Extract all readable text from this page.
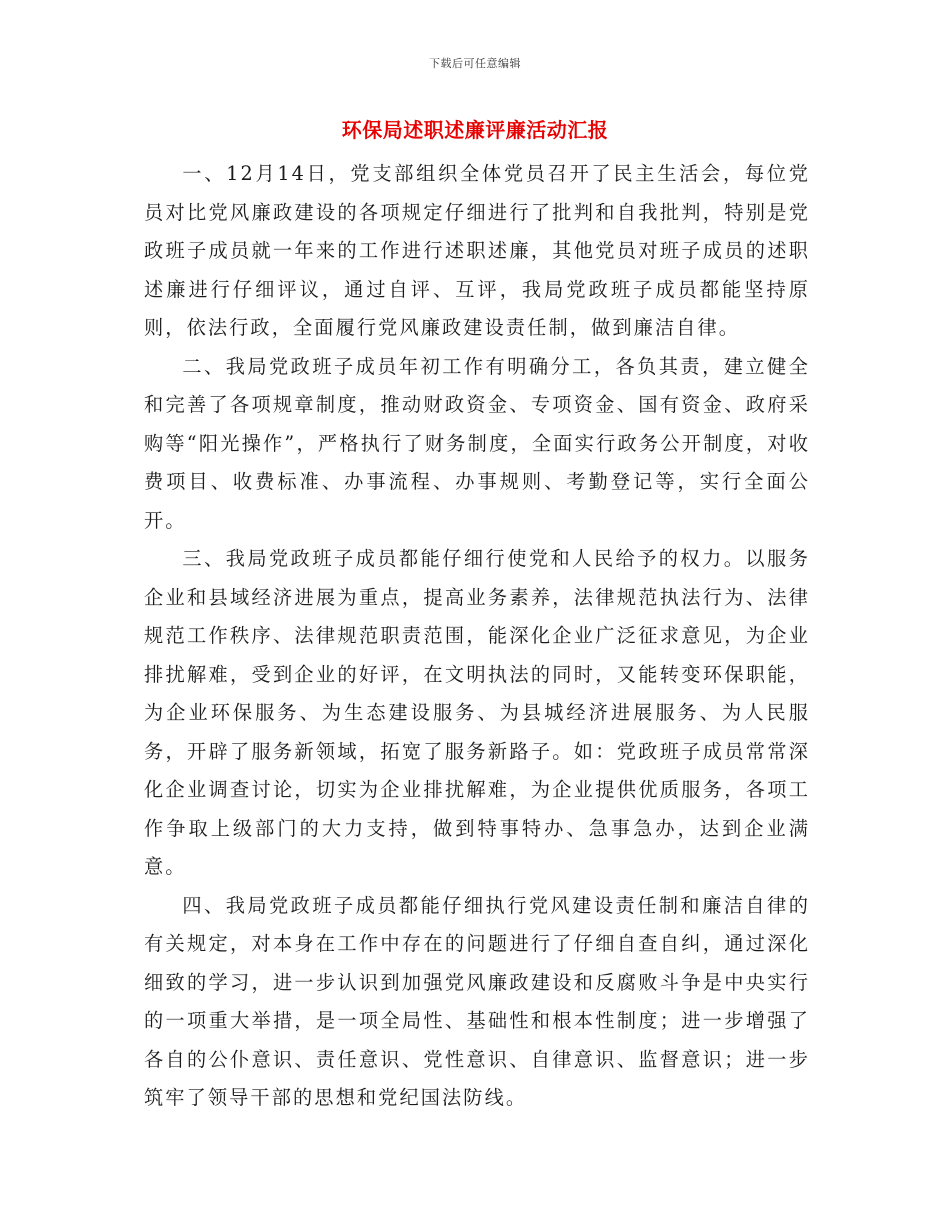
下载后可任意编辑
环保局述职述廉评廉活动汇报

一、12月14日，党支部组织全体党员召开了民主生活会，每位党员对比党风廉政建设的各项规定仔细进行了批判和自我批判，特别是党政班子成员就一年来的工作进行述职述廉，其他党员对班子成员的述职述廉进行仔细评议，通过自评、互评，我局党政班子成员都能坚持原则，依法行政，全面履行党风廉政建设责任制，做到廉洁自律。

二、我局党政班子成员年初工作有明确分工，各负其责，建立健全和完善了各项规章制度，推动财政资金、专项资金、国有资金、政府采购等“阳光操作”，严格执行了财务制度，全面实行政务公开制度，对收费项目、收费标准、办事流程、办事规则、考勤登记等，实行全面公开。

三、我局党政班子成员都能仔细行使党和人民给予的权力。以服务企业和县域经济进展为重点，提高业务素养，法律规范执法行为、法律规范工作秩序、法律规范职责范围，能深化企业广泛征求意见，为企业排扰解难，受到企业的好评，在文明执法的同时，又能转变环保职能，为企业环保服务、为生态建设服务、为县城经济进展服务、为人民服务，开辟了服务新领域，拓宽了服务新路子。如：党政班子成员常常深化企业调查讨论，切实为企业排扰解难，为企业提供优质服务，各项工作争取上级部门的大力支持，做到特事特办、急事急办，达到企业满意。

四、我局党政班子成员都能仔细执行党风建设责任制和廉洁自律的有关规定，对本身在工作中存在的问题进行了仔细自查自纠，通过深化细致的学习，进一步认识到加强党风廉政建设和反腐败斗争是中央实行的一项重大举措，是一项全局性、基础性和根本性制度；进一步增强了各自的公仆意识、责任意识、党性意识、自律意识、监督意识；进一步筑牢了领导干部的思想和党纪国法防线。
